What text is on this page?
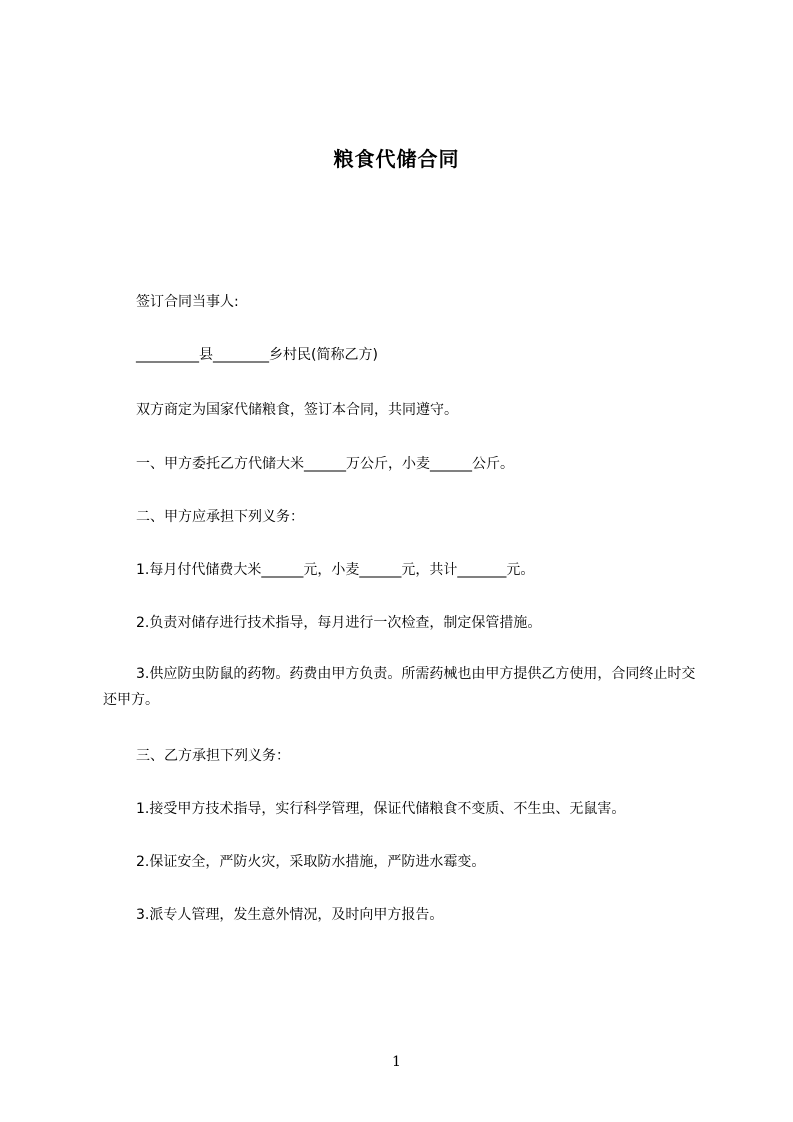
粮食代储合同
签订合同当事人:
_________县________乡村民(简称乙方)
双方商定为国家代储粮食，签订本合同，共同遵守。
一、甲方委托乙方代储大米______万公斤，小麦______公斤。
二、甲方应承担下列义务：
1.每月付代储费大米______元，小麦______元，共计_______元。
2.负责对储存进行技术指导，每月进行一次检查，制定保管措施。
3.供应防虫防鼠的药物。药费由甲方负责。所需药械也由甲方提供乙方使用，合同终止时交还甲方。
三、乙方承担下列义务：
1.接受甲方技术指导，实行科学管理，保证代储粮食不变质、不生虫、无鼠害。
2.保证安全，严防火灾，采取防水措施，严防进水霉变。
3.派专人管理，发生意外情况，及时向甲方报告。
1
